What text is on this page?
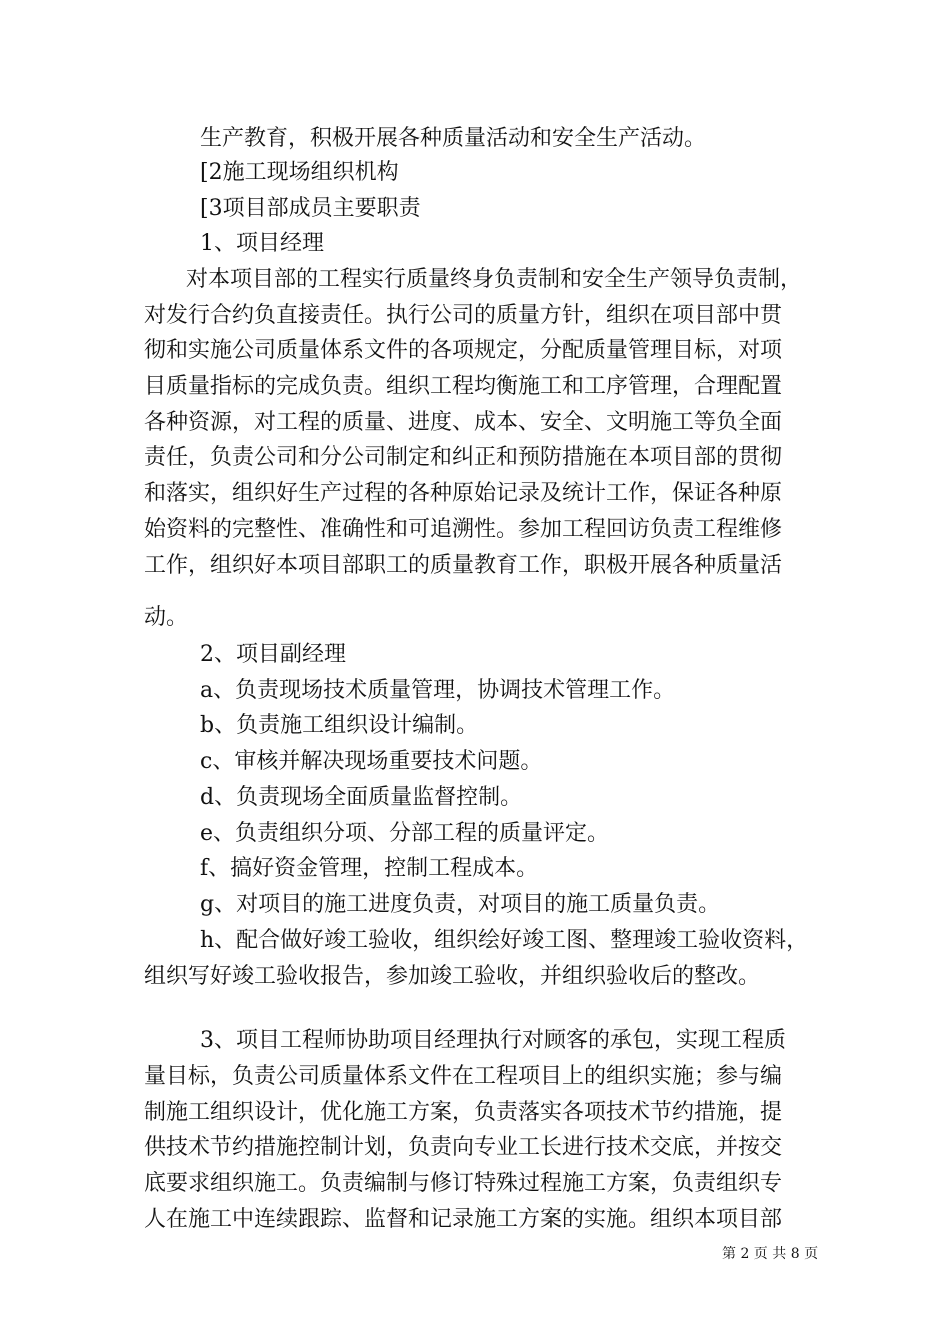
生产教育，积极开展各种质量活动和安全生产活动。
[2施工现场组织机构
[3项目部成员主要职责
1、项目经理
对本项目部的工程实行质量终身负责制和安全生产领导负责制，
对发行合约负直接责任。执行公司的质量方针，组织在项目部中贯
彻和实施公司质量体系文件的各项规定，分配质量管理目标，对项
目质量指标的完成负责。组织工程均衡施工和工序管理，合理配置
各种资源，对工程的质量、进度、成本、安全、文明施工等负全面
责任，负责公司和分公司制定和纠正和预防措施在本项目部的贯彻
和落实，组织好生产过程的各种原始记录及统计工作，保证各种原
始资料的完整性、准确性和可追溯性。参加工程回访负责工程维修
工作，组织好本项目部职工的质量教育工作，职极开展各种质量活
动。
2、项目副经理
a、负责现场技术质量管理，协调技术管理工作。
b、负责施工组织设计编制。
c、审核并解决现场重要技术问题。
d、负责现场全面质量监督控制。
e、负责组织分项、分部工程的质量评定。
f、搞好资金管理，控制工程成本。
g、对项目的施工进度负责，对项目的施工质量负责。
h、配合做好竣工验收，组织绘好竣工图、整理竣工验收资料，
组织写好竣工验收报告，参加竣工验收，并组织验收后的整改。
3、项目工程师协助项目经理执行对顾客的承包，实现工程质
量目标，负责公司质量体系文件在工程项目上的组织实施；参与编
制施工组织设计，优化施工方案，负责落实各项技术节约措施，提
供技术节约措施控制计划，负责向专业工长进行技术交底，并按交
底要求组织施工。负责编制与修订特殊过程施工方案，负责组织专
人在施工中连续跟踪、监督和记录施工方案的实施。组织本项目部
第 2 页 共 8 页
